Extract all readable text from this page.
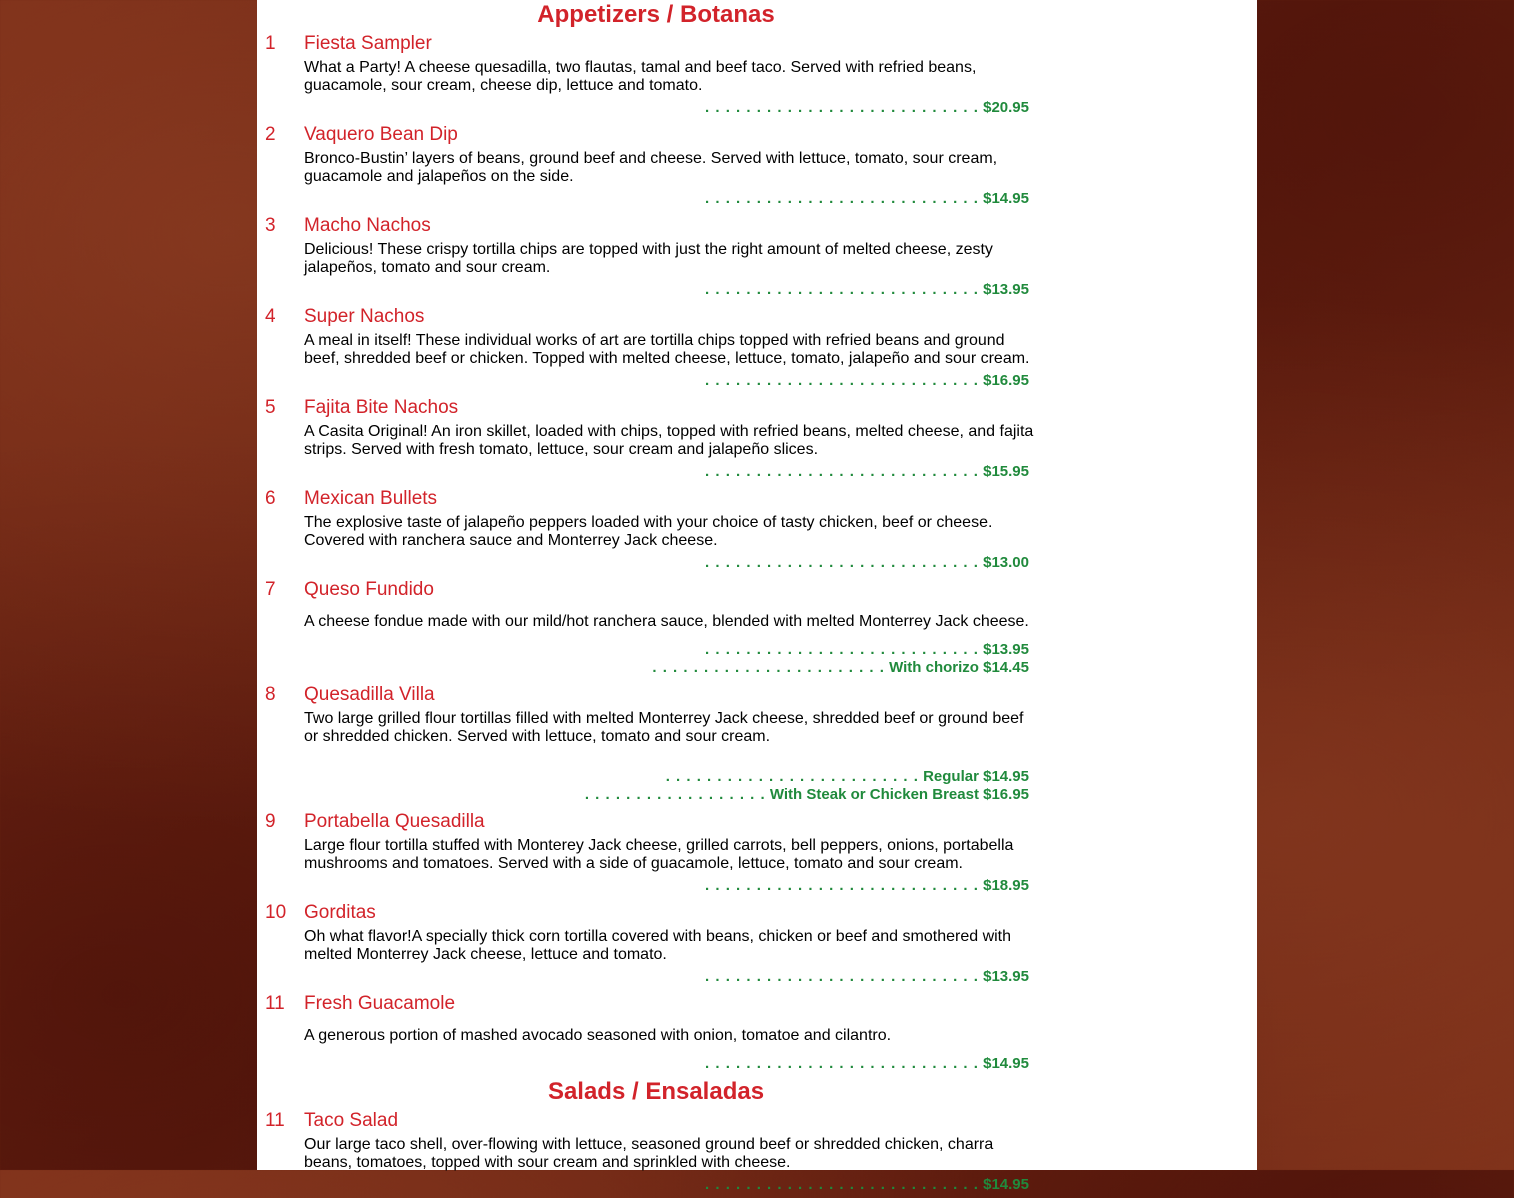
Appetizers / Botanas
1 Fiesta Sampler
What a Party! A cheese quesadilla, two flautas, tamal and beef taco. Served with refried beans, guacamole, sour cream, cheese dip, lettuce and tomato.
. . . . . . . . . . . . . . . . . . . . . . . . . . . $20.95
2 Vaquero Bean Dip
Bronco-Bustin’ layers of beans, ground beef and cheese. Served with lettuce, tomato, sour cream, guacamole and jalapeños on the side.
. . . . . . . . . . . . . . . . . . . . . . . . . . . $14.95
3 Macho Nachos
Delicious! These crispy tortilla chips are topped with just the right amount of melted cheese, zesty jalapeños, tomato and sour cream.
. . . . . . . . . . . . . . . . . . . . . . . . . . . $13.95
4 Super Nachos
A meal in itself! These individual works of art are tortilla chips topped with refried beans and ground beef, shredded beef or chicken. Topped with melted cheese, lettuce, tomato, jalapeño and sour cream.
. . . . . . . . . . . . . . . . . . . . . . . . . . . $16.95
5 Fajita Bite Nachos
A Casita Original! An iron skillet, loaded with chips, topped with refried beans, melted cheese, and fajita strips. Served with fresh tomato, lettuce, sour cream and jalapeño slices.
. . . . . . . . . . . . . . . . . . . . . . . . . . . $15.95
6 Mexican Bullets
The explosive taste of jalapeño peppers loaded with your choice of tasty chicken, beef or cheese. Covered with ranchera sauce and Monterrey Jack cheese.
. . . . . . . . . . . . . . . . . . . . . . . . . . . $13.00
7 Queso Fundido
A cheese fondue made with our mild/hot ranchera sauce, blended with melted Monterrey Jack cheese.
. . . . . . . . . . . . . . . . . . . . . . . . . . . $13.95
. . . . . . . . . . . . . . . . . . . . . . . With chorizo $14.45
8 Quesadilla Villa
Two large grilled flour tortillas filled with melted Monterrey Jack cheese, shredded beef or ground beef or shredded chicken. Served with lettuce, tomato and sour cream.
. . . . . . . . . . . . . . . . . . . . . . . . . Regular $14.95
. . . . . . . . . . . . . . . . . . With Steak or Chicken Breast $16.95
9 Portabella Quesadilla
Large flour tortilla stuffed with Monterey Jack cheese, grilled carrots, bell peppers, onions, portabella mushrooms and tomatoes. Served with a side of guacamole, lettuce, tomato and sour cream.
. . . . . . . . . . . . . . . . . . . . . . . . . . . $18.95
10 Gorditas
Oh what flavor!A specially thick corn tortilla covered with beans, chicken or beef and smothered with melted Monterrey Jack cheese, lettuce and tomato.
. . . . . . . . . . . . . . . . . . . . . . . . . . . $13.95
11 Fresh Guacamole
A generous portion of mashed avocado seasoned with onion, tomatoe and cilantro.
. . . . . . . . . . . . . . . . . . . . . . . . . . . $14.95
Salads / Ensaladas
11 Taco Salad
Our large taco shell, over-flowing with lettuce, seasoned ground beef or shredded chicken, charra beans, tomatoes, topped with sour cream and sprinkled with cheese.
. . . . . . . . . . . . . . . . . . . . . . . . . . . $14.95
